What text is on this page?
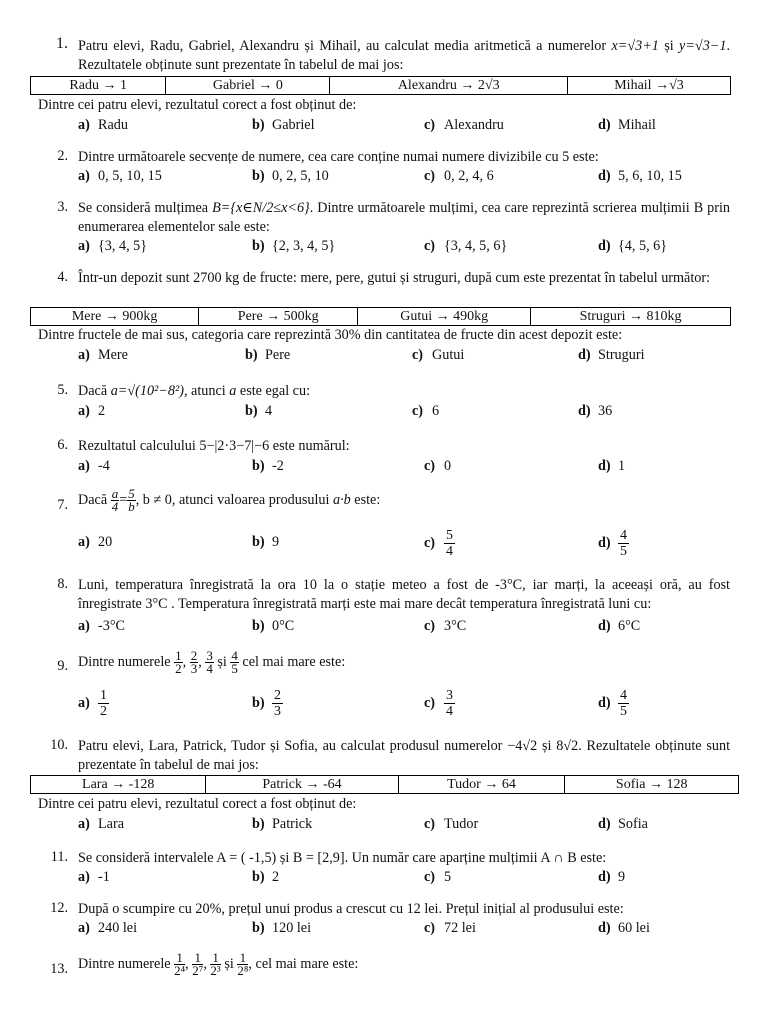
1. Patru elevi, Radu, Gabriel, Alexandru și Mihail, au calculat media aritmetică a numerelor x=√3+1 și y=√3−1. Rezultatele obținute sunt prezentate în tabelul de mai jos:
Radu → 1	Gabriel → 0	Alexandru → 2√3	Mihail →√3
Dintre cei patru elevi, rezultatul corect a fost obținut de:
a) Radu	b) Gabriel	c) Alexandru	d) Mihail
2. Dintre următoarele secvențe de numere, cea care conține numai numere divizibile cu 5 este:
a) 0, 5, 10, 15	b) 0, 2, 5, 10	c) 0, 2, 4, 6	d) 5, 6, 10, 15
3. Se consideră mulțimea B={x∈N/2≤x<6}. Dintre următoarele mulțimi, cea care reprezintă scrierea mulțimii B prin enumerarea elementelor sale este:
a) {3, 4, 5}	b) {2, 3, 4, 5}	c) {3, 4, 5, 6}	d) {4, 5, 6}
4. Într-un depozit sunt 2700 kg de fructe: mere, pere, gutui și struguri, după cum este prezentat în tabelul următor:
Mere → 900kg	Pere → 500kg	Gutui → 490kg	Struguri → 810kg
Dintre fructele de mai sus, categoria care reprezintă 30% din cantitatea de fructe din acest depozit este:
a) Mere	b) Pere	c) Gutui	d) Struguri
5. Dacă a=√(10²−8²), atunci a este egal cu:
a) 2	b) 4	c) 6	d) 36
6. Rezultatul calculului 5−|2·3−7|−6 este numărul:
a) -4	b) -2	c) 0	d) 1
7. Dacă $\frac{a}{4} = \frac{5}{b}$ , b ≠ 0, atunci valoarea produsului a·b este:
a) 20	b) 9	$c) \frac{5}{4}$	$d) \frac{4}{5}$
8. Luni, temperatura înregistrată la ora 10 la o stație meteo a fost de -3°C, iar marți, la aceeași oră, au fost înregistrate 3°C . Temperatura înregistrată marți este mai mare decât temperatura înregistrată luni cu:
a) -3°C	b) 0°C	c) 3°C	d) 6°C
9. Dintre numerele $\frac{1}{2}$ , $\frac{2}{3}$ , $\frac{3}{4}$ și $\frac{4}{5}$ cel mai mare este:
$a) \frac{1}{2}$	$b) \frac{2}{3}$	$c) \frac{3}{4}$	$d) \frac{4}{5}$
10. Patru elevi, Lara, Patrick, Tudor și Sofia, au calculat produsul numerelor −4√2 și 8√2. Rezultatele obținute sunt prezentate în tabelul de mai jos:
Lara → -128	Patrick → -64	Tudor → 64	Sofia → 128
Dintre cei patru elevi, rezultatul corect a fost obținut de:
a) Lara	b) Patrick	c) Tudor	d) Sofia
11. Se consideră intervalele A = ( -1,5) și B = [2,9]. Un număr care aparține mulțimii A ∩ B este:
a) -1	b) 2	c) 5	d) 9
12. După o scumpire cu 20%, prețul unui produs a crescut cu 12 lei. Prețul inițial al produsului este:
a) 240 lei	b) 120 lei	c) 72 lei	d) 60 lei
13. Dintre numerele $\frac{1}{\text{2⁴}}$ , $\frac{1}{\text{2⁷}}$ , $\frac{1}{\text{2³}}$ și $\frac{1}{\text{2⁸}}$ , cel mai mare este:
